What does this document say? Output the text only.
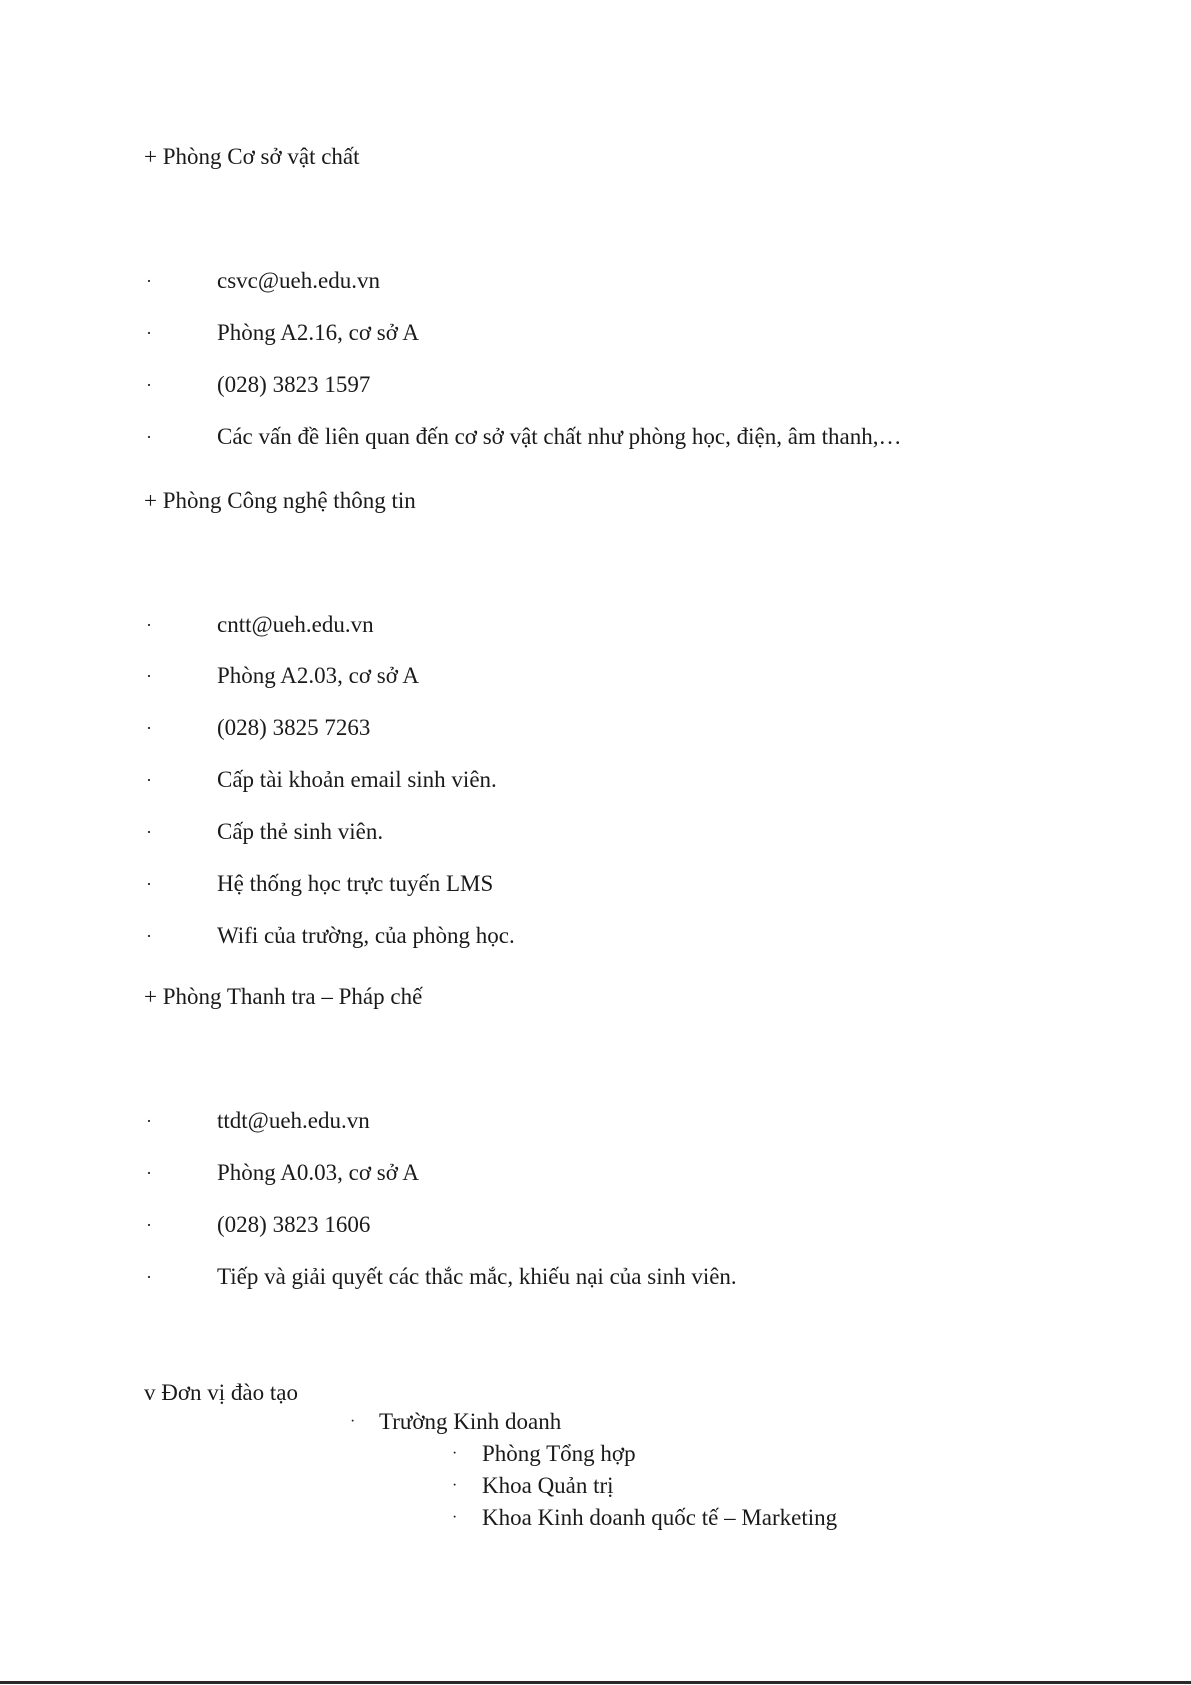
+ Phòng Cơ sở vật chất
·	csvc@ueh.edu.vn
·	Phòng A2.16, cơ sở A
·	(028) 3823 1597
·	Các vấn đề liên quan đến cơ sở vật chất như phòng học, điện, âm thanh,…
+ Phòng Công nghệ thông tin
·	cntt@ueh.edu.vn
·	Phòng A2.03, cơ sở A
·	(028) 3825 7263
·	Cấp tài khoản email sinh viên.
·	Cấp thẻ sinh viên.
·	Hệ thống học trực tuyến LMS
·	Wifi của trường, của phòng học.
+ Phòng Thanh tra – Pháp chế
·	ttdt@ueh.edu.vn
·	Phòng A0.03, cơ sở A
·	(028) 3823 1606
·	Tiếp và giải quyết các thắc mắc, khiếu nại của sinh viên.
v Đơn vị đào tạo
· Trường Kinh doanh
· Phòng Tổng hợp
· Khoa Quản trị
· Khoa Kinh doanh quốc tế – Marketing
